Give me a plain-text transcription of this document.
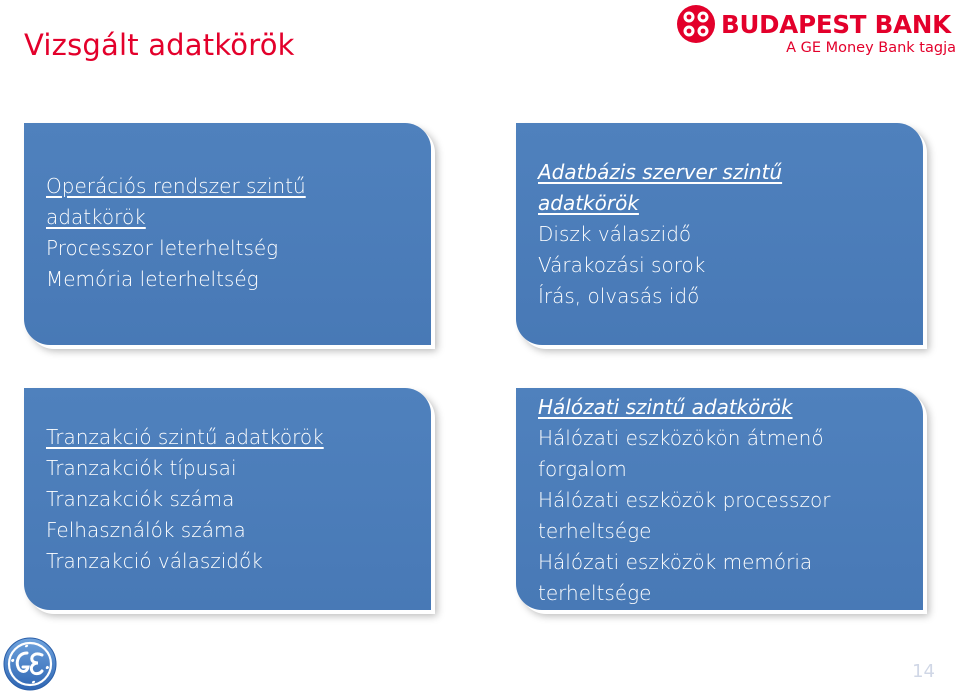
Vizsgált adatkörök
BUDAPEST BANK
A GE Money Bank tagja
Operációs rendszer szintű
adatkörök
Processzor leterheltség
Memória leterheltség
Adatbázis szerver szintű
adatkörök
Diszk válaszidő
Várakozási sorok
Írás, olvasás idő
Tranzakció szintű adatkörök
Tranzakciók típusai
Tranzakciók száma
Felhasználók száma
Tranzakció válaszidők
Hálózati szintű adatkörök
Hálózati eszközökön átmenő
forgalom
Hálózati eszközök processzor
terheltsége
Hálózati eszközök memória
terheltsége
14
